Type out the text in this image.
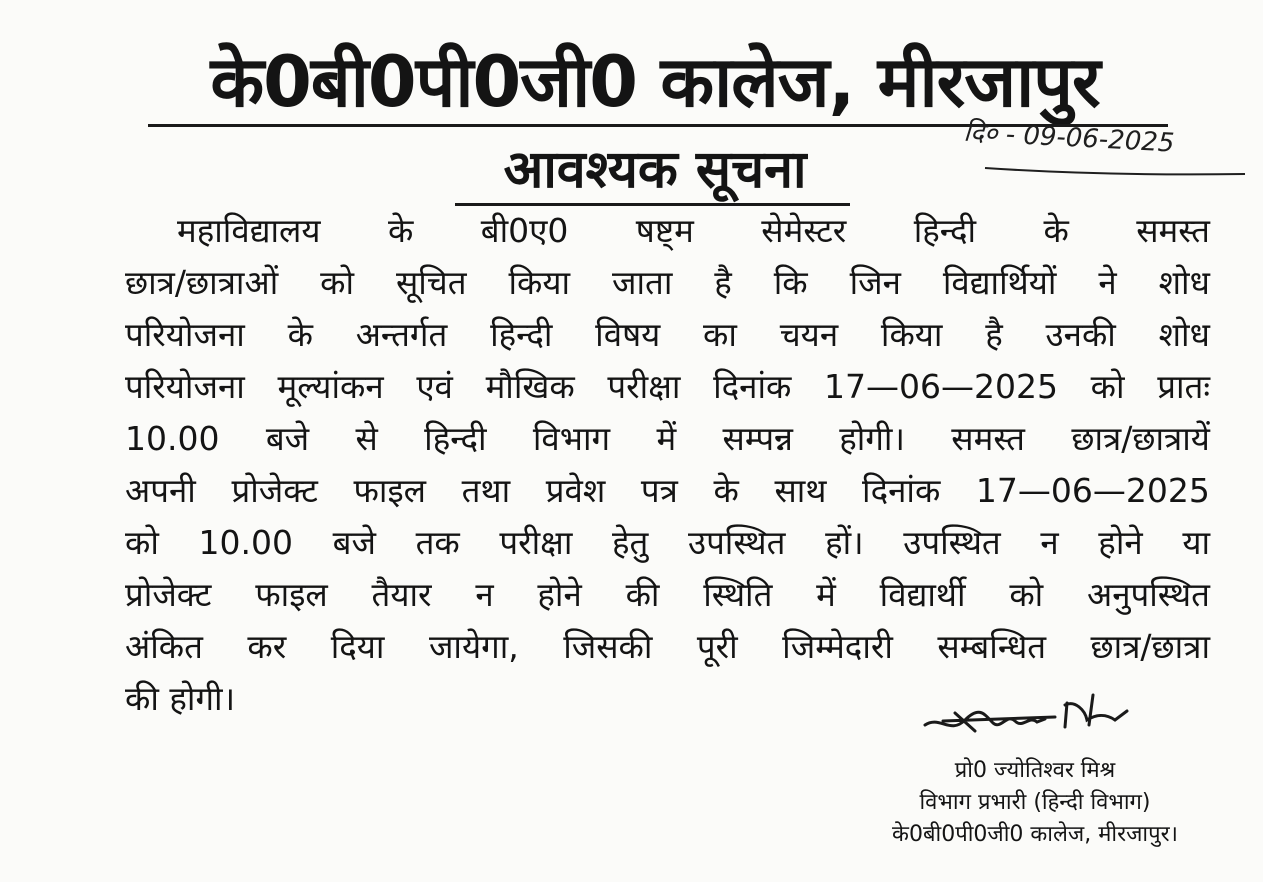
के0बी0पी0जी0 कालेज, मीरजापुर
दि० - 09-06-2025
आवश्यक सूचना
महाविद्यालय के बी0ए0 षष्ट्म सेमेस्टर हिन्दी के समस्त
छात्र/छात्राओं को सूचित किया जाता है कि जिन विद्यार्थियों ने शोध
परियोजना के अन्तर्गत हिन्दी विषय का चयन किया है उनकी शोध
परियोजना मूल्यांकन एवं मौखिक परीक्षा दिनांक 17—06—2025 को प्रातः
10.00 बजे से हिन्दी विभाग में सम्पन्न होगी। समस्त छात्र/छात्रायें
अपनी प्रोजेक्ट फाइल तथा प्रवेश पत्र के साथ दिनांक 17—06—2025
को 10.00 बजे तक परीक्षा हेतु उपस्थित हों। उपस्थित न होने या
प्रोजेक्ट फाइल तैयार न होने की स्थिति में विद्यार्थी को अनुपस्थित
अंकित कर दिया जायेगा, जिसकी पूरी जिम्मेदारी सम्बन्धित छात्र/छात्रा
की होगी।
प्रो0 ज्योतिश्वर मिश्र
विभाग प्रभारी (हिन्दी विभाग)
के0बी0पी0जी0 कालेज, मीरजापुर।
